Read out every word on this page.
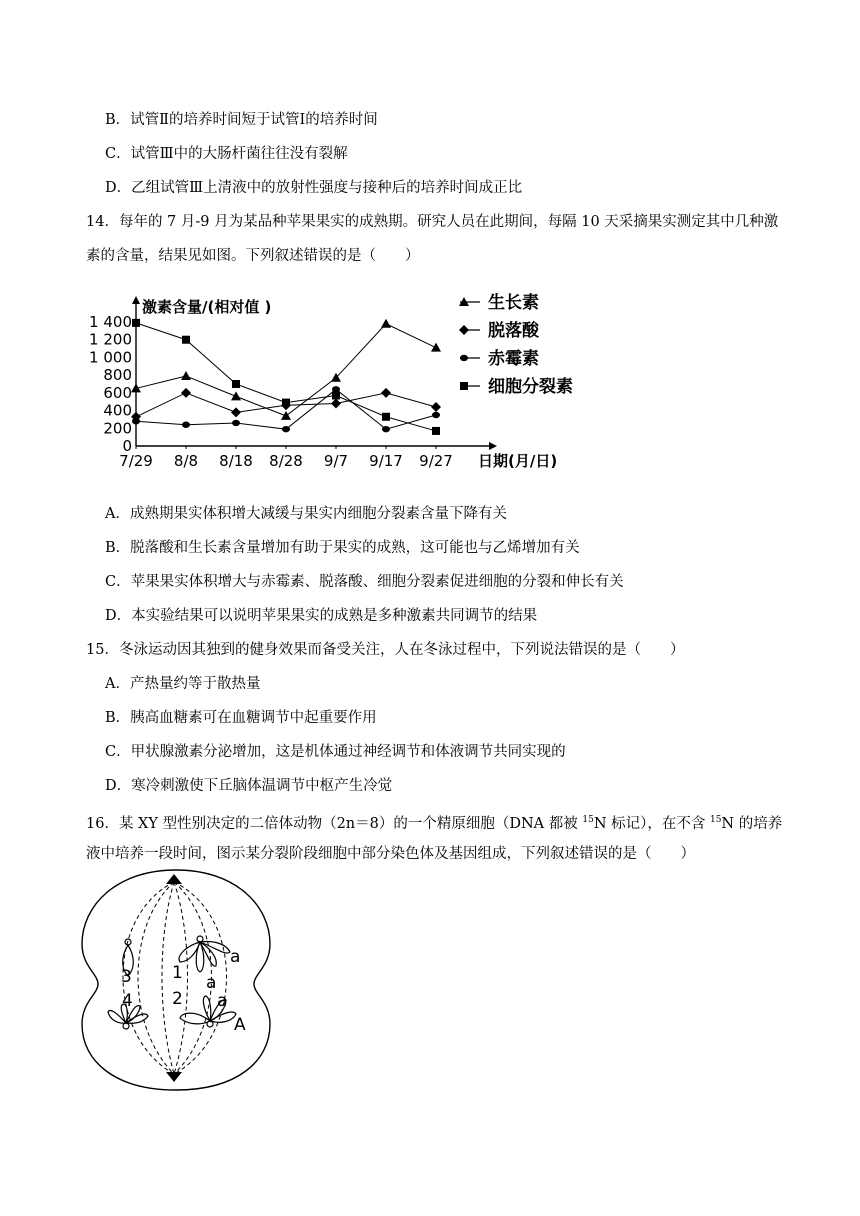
B．试管Ⅱ的培养时间短于试管Ⅰ的培养时间
C．试管Ⅲ中的大肠杆菌往往没有裂解
D．乙组试管Ⅲ上清液中的放射性强度与接种后的培养时间成正比
14．每年的 7 月-9 月为某品种苹果果实的成熟期。研究人员在此期间，每隔 10 天采摘果实测定其中几种激
素的含量，结果见如图。下列叙述错误的是（　　）
激素含量/(相对值 )
日期(月/日)
1 400
1 200
1 000
800
600
400
200
0
7/29 8/8 8/18 8/28 9/7 9/17 9/27
生长素
脱落酸
赤霉素
细胞分裂素
A．成熟期果实体积增大减缓与果实内细胞分裂素含量下降有关
B．脱落酸和生长素含量增加有助于果实的成熟，这可能也与乙烯增加有关
C．苹果果实体积增大与赤霉素、脱落酸、细胞分裂素促进细胞的分裂和伸长有关
D．本实验结果可以说明苹果果实的成熟是多种激素共同调节的结果
15．冬泳运动因其独到的健身效果而备受关注，人在冬泳过程中，下列说法错误的是（　　）
A．产热量约等于散热量
B．胰高血糖素可在血糖调节中起重要作用
C．甲状腺激素分泌增加，这是机体通过神经调节和体液调节共同实现的
D．寒冷刺激使下丘脑体温调节中枢产生冷觉
16．某 XY 型性别决定的二倍体动物（2n＝8）的一个精原细胞（DNA 都被 $^{15}$N 标记），在不含 $^{15}$N 的培养
液中培养一段时间，图示某分裂阶段细胞中部分染色体及基因组成，下列叙述错误的是（　　）
3
4
1
2
a
a
a
A
